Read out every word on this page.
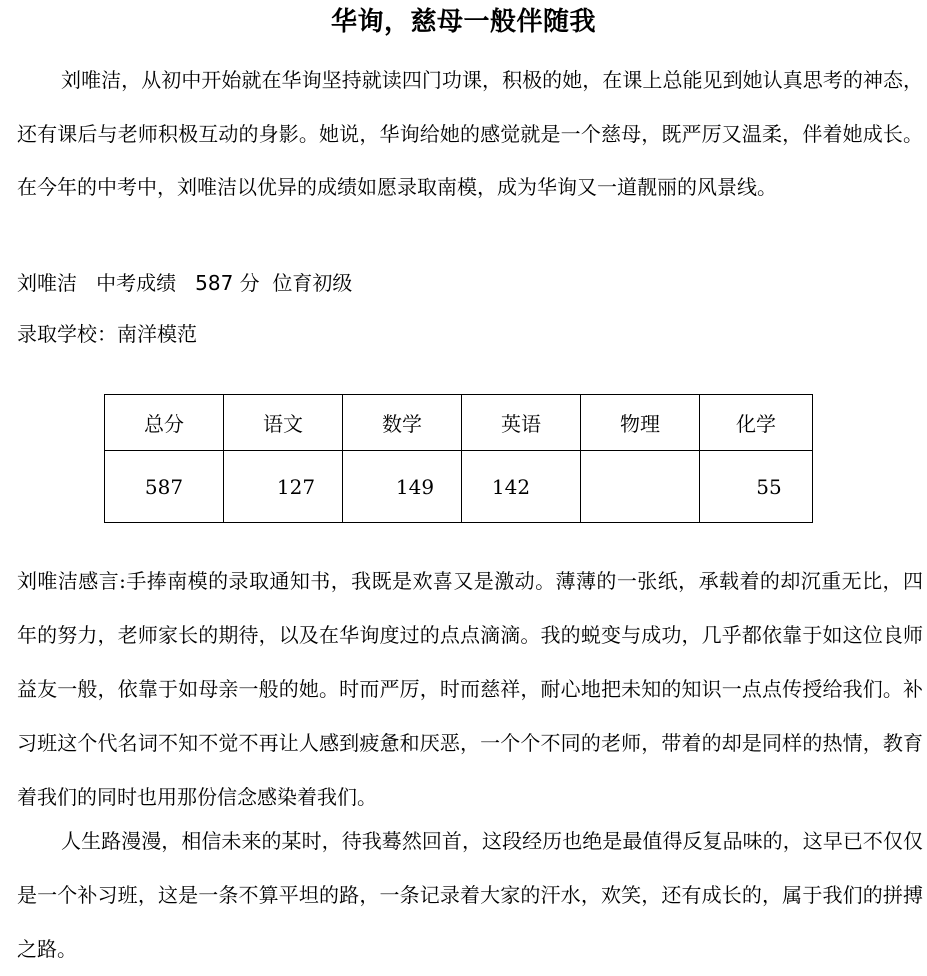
华询，慈母一般伴随我
刘唯洁，从初中开始就在华询坚持就读四门功课，积极的她，在课上总能见到她认真思考的神态，还有课后与老师积极互动的身影。她说，华询给她的感觉就是一个慈母，既严厉又温柔，伴着她成长。在今年的中考中，刘唯洁以优异的成绩如愿录取南模，成为华询又一道靓丽的风景线。
刘唯洁   中考成绩   587 分  位育初级
录取学校：南洋模范
总分	语文	数学	英语	物理	化学
587	127	149	142		55
刘唯洁感言:手捧南模的录取通知书，我既是欢喜又是激动。薄薄的一张纸，承载着的却沉重无比，四年的努力，老师家长的期待，以及在华询度过的点点滴滴。我的蜕变与成功，几乎都依靠于如这位良师益友一般，依靠于如母亲一般的她。时而严厉，时而慈祥，耐心地把未知的知识一点点传授给我们。补习班这个代名词不知不觉不再让人感到疲惫和厌恶，一个个不同的老师，带着的却是同样的热情，教育着我们的同时也用那份信念感染着我们。
人生路漫漫，相信未来的某时，待我蓦然回首，这段经历也绝是最值得反复品味的，这早已不仅仅是一个补习班，这是一条不算平坦的路，一条记录着大家的汗水，欢笑，还有成长的，属于我们的拼搏之路。
